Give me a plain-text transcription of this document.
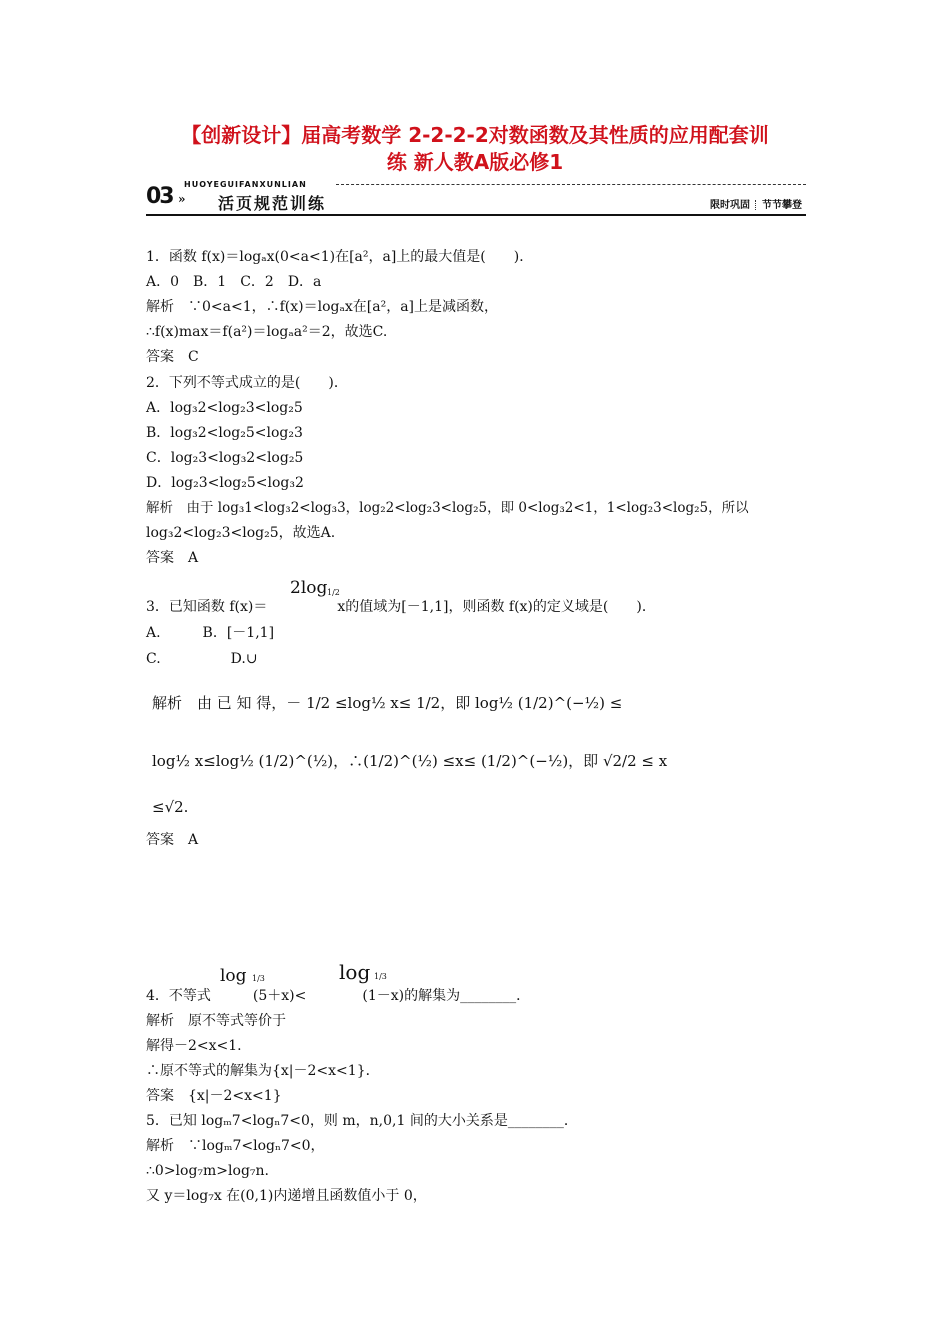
【创新设计】届高考数学 2-2-2-2对数函数及其性质的应用配套训
练 新人教A版必修1
HUOYEGUIFANXUNLIAN
03 » 活页规范训练	限时巩固 节节攀登
1．函数 f(x)＝logₐx(0<a<1)在[a²，a]上的最大值是(　　)．
A．0　B．1　C．2　D．a
解析　∵0<a<1，∴f(x)＝logₐx在[a²，a]上是减函数，
∴f(x)max＝f(a²)＝logₐa²＝2，故选C.
答案　C
2．下列不等式成立的是(　　)．
A．log₃2<log₂3<log₂5
B．log₃2<log₂5<log₂3
C．log₂3<log₃2<log₂5
D．log₂3<log₂5<log₃2
解析　由于 log₃1<log₃2<log₃3，log₂2<log₂3<log₂5，即 0<log₃2<1，1<log₂3<log₂5，所以
log₃2<log₂3<log₂5，故选A.
答案　A
2log 1/2
3．已知函数 f(x)＝　　　　　x的值域为[－1,1]，则函数 f(x)的定义域是(　　)．
A.　　　B．[－1,1]
C.　　　　　D.∪
解析　由 已 知 得，－ 1/2 ≤log½ x≤ 1/2，即 log½ (1/2)^(−½) ≤
log½ x≤log½ (1/2)^(½)，∴(1/2)^(½) ≤x≤ (1/2)^(−½)，即 √2/2 ≤ x
≤√2.
答案　A
log 1/3	log 1/3
4．不等式　　　(5＋x)<　　　　(1－x)的解集为________．
解析　原不等式等价于
解得－2<x<1.
∴原不等式的解集为{x|－2<x<1}．
答案　{x|－2<x<1}
5．已知 logₘ7<logₙ7<0，则 m，n,0,1 间的大小关系是________．
解析　∵logₘ7<logₙ7<0，
∴0>log₇m>log₇n.
又 y＝log₇x 在(0,1)内递增且函数值小于 0，
